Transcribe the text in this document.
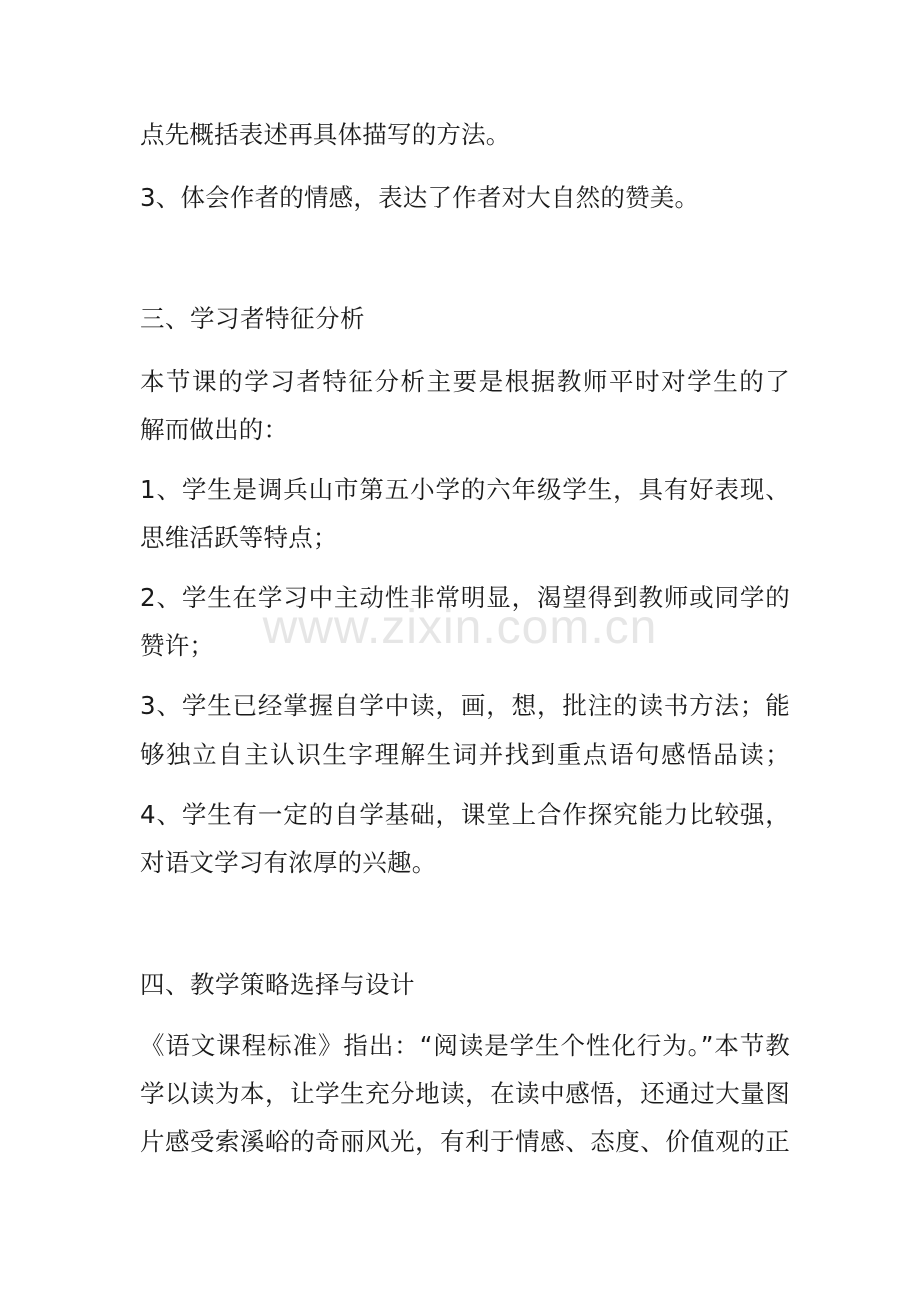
点先概括表述再具体描写的方法。
3、体会作者的情感，表达了作者对大自然的赞美。
三、学习者特征分析
本节课的学习者特征分析主要是根据教师平时对学生的了
解而做出的：
1、学生是调兵山市第五小学的六年级学生，具有好表现、
思维活跃等特点；
2、学生在学习中主动性非常明显，渴望得到教师或同学的
赞许；
3、学生已经掌握自学中读，画，想，批注的读书方法；能
够独立自主认识生字理解生词并找到重点语句感悟品读；
4、学生有一定的自学基础，课堂上合作探究能力比较强，
对语文学习有浓厚的兴趣。
四、教学策略选择与设计
《语文课程标准》指出：“阅读是学生个性化行为。”本节教
学以读为本，让学生充分地读，在读中感悟，还通过大量图
片感受索溪峪的奇丽风光，有利于情感、态度、价值观的正
www.zixin.com.cn
